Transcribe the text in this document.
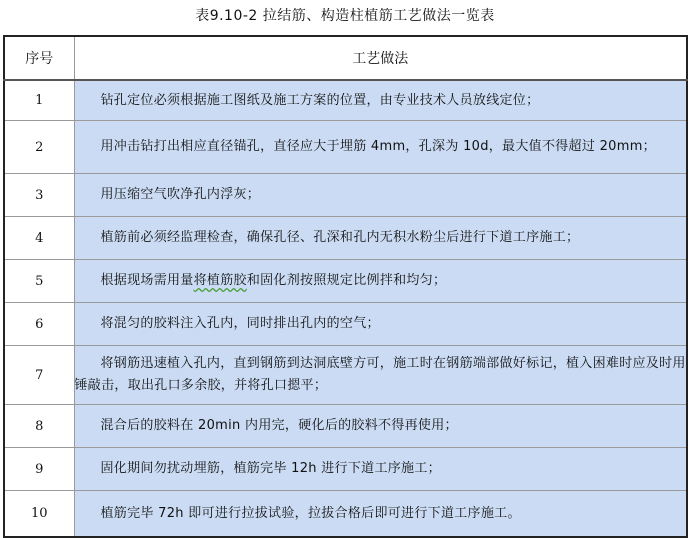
表9.10-2 拉结筋、构造柱植筋工艺做法一览表
序号	工艺做法
1	钻孔定位必须根据施工图纸及施工方案的位置，由专业技术人员放线定位；
2	用冲击钻打出相应直径锚孔，直径应大于埋筋 4mm，孔深为 10d，最大值不得超过 20mm；
3	用压缩空气吹净孔内浮灰；
4	植筋前必须经监理检查，确保孔径、孔深和孔内无积水粉尘后进行下道工序施工；
5	根据现场需用量将植筋胶和固化剂按照规定比例拌和均匀；
6	将混匀的胶料注入孔内，同时排出孔内的空气；
7	将钢筋迅速植入孔内，直到钢筋到达洞底壁方可，施工时在钢筋端部做好标记，植入困难时应及时用锤敲击，取出孔口多余胶，并将孔口摁平；
8	混合后的胶料在 20min 内用完，硬化后的胶料不得再使用；
9	固化期间勿扰动埋筋，植筋完毕 12h 进行下道工序施工；
10	植筋完毕 72h 即可进行拉拔试验，拉拔合格后即可进行下道工序施工。
